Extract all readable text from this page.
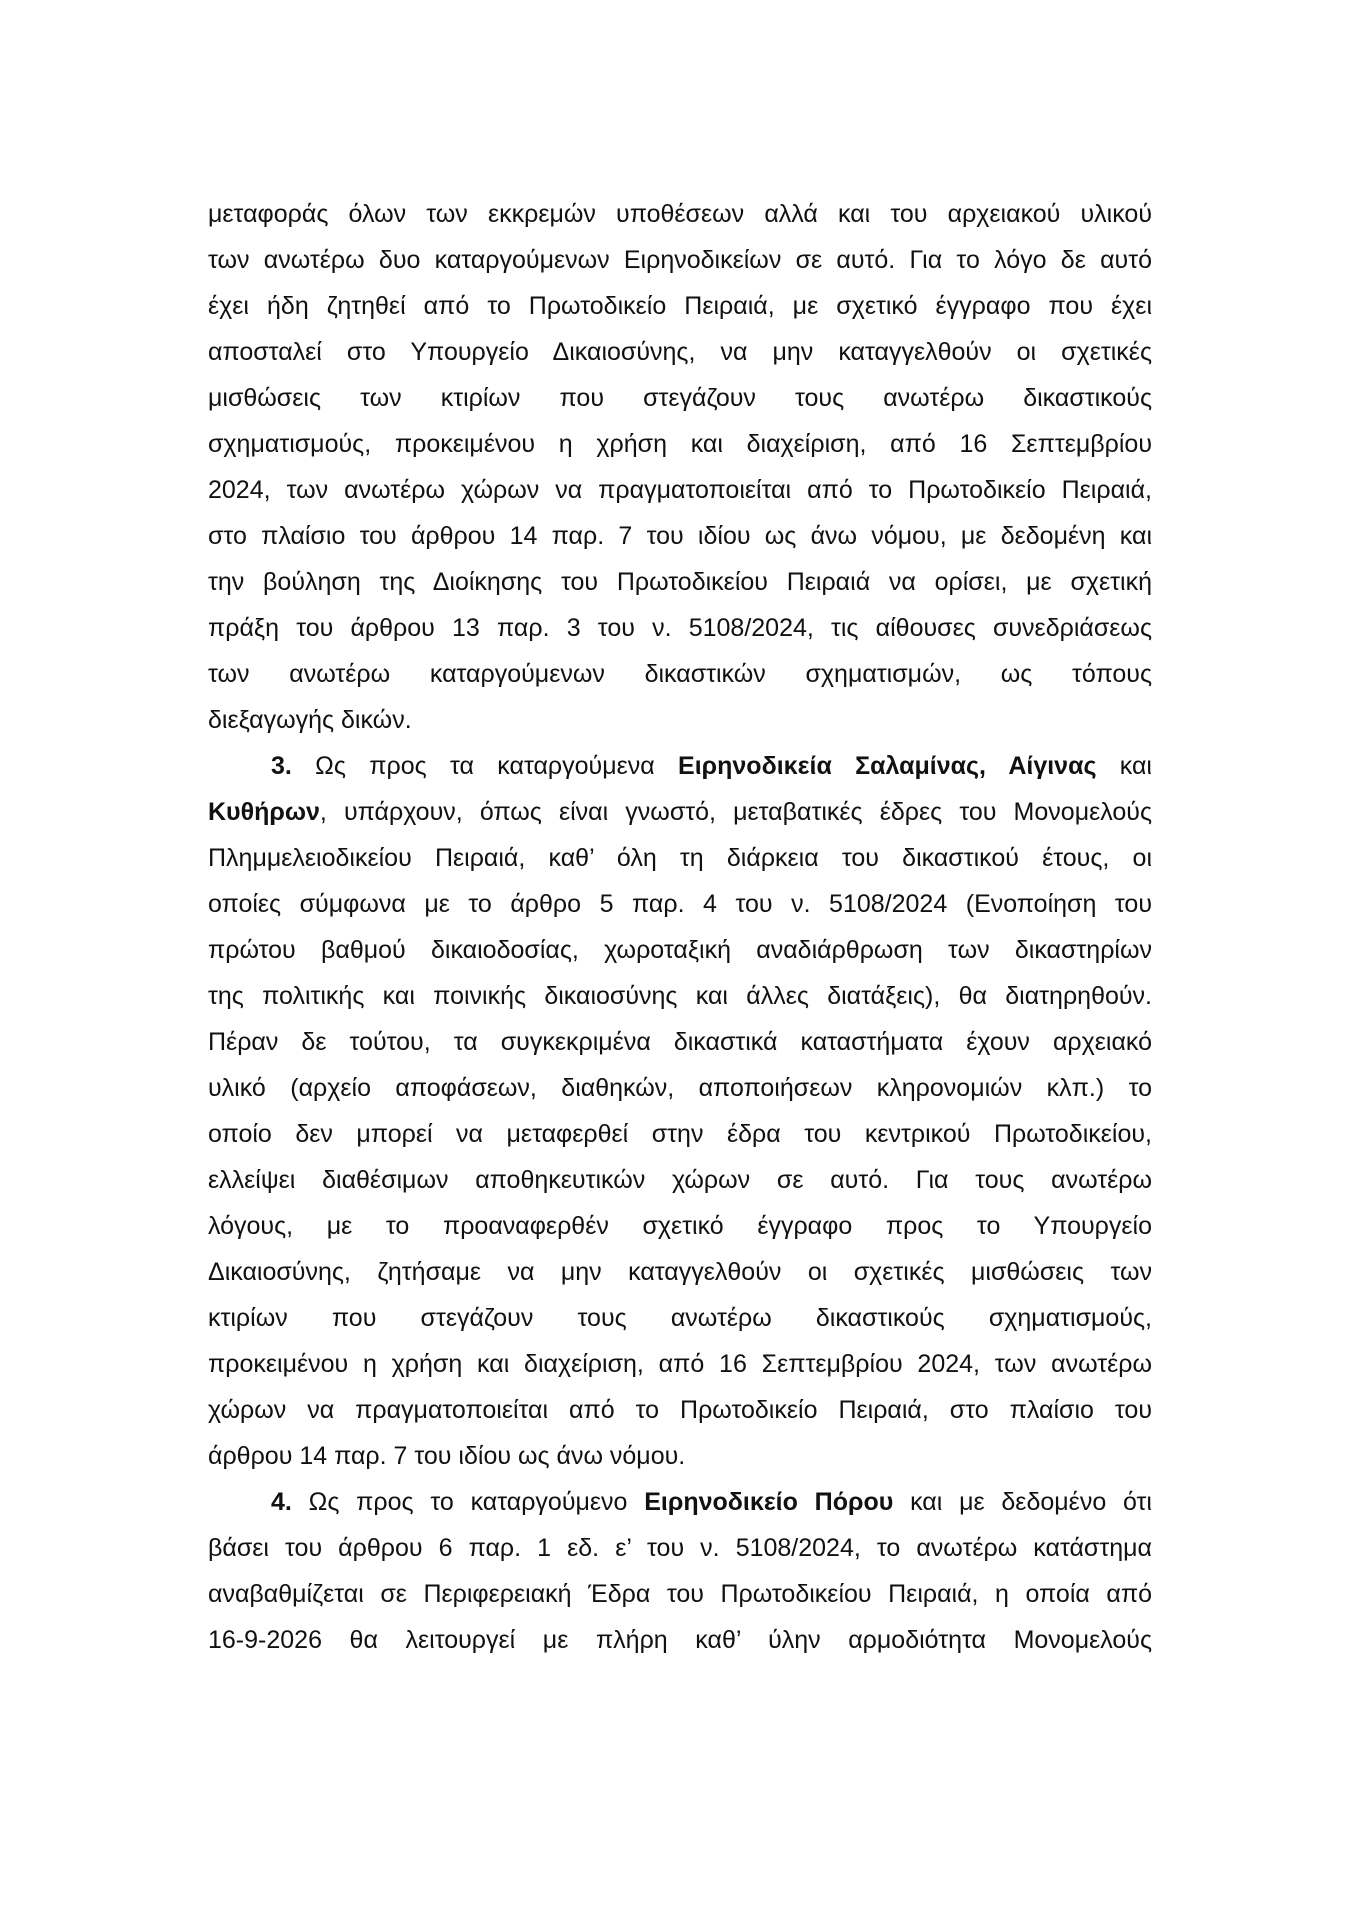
μεταφοράς όλων των εκκρεμών υποθέσεων αλλά και του αρχειακού υλικού
των ανωτέρω δυο καταργούμενων Ειρηνοδικείων σε αυτό. Για το λόγο δε αυτό
έχει ήδη ζητηθεί από το Πρωτοδικείο Πειραιά, με σχετικό έγγραφο που έχει
αποσταλεί στο Υπουργείο Δικαιοσύνης, να μην καταγγελθούν οι σχετικές
μισθώσεις των κτιρίων που στεγάζουν τους ανωτέρω δικαστικούς
σχηματισμούς, προκειμένου η χρήση και διαχείριση, από 16 Σεπτεμβρίου
2024, των ανωτέρω χώρων να πραγματοποιείται από το Πρωτοδικείο Πειραιά,
στο πλαίσιο του άρθρου 14 παρ. 7 του ιδίου ως άνω νόμου, με δεδομένη και
την βούληση της Διοίκησης του Πρωτοδικείου Πειραιά να ορίσει, με σχετική
πράξη του άρθρου 13 παρ. 3 του ν. 5108/2024, τις αίθουσες συνεδριάσεως
των ανωτέρω καταργούμενων δικαστικών σχηματισμών, ως τόπους
διεξαγωγής δικών.
3. Ως προς τα καταργούμενα Ειρηνοδικεία Σαλαμίνας, Αίγινας και
Κυθήρων, υπάρχουν, όπως είναι γνωστό, μεταβατικές έδρες του Μονομελούς
Πλημμελειοδικείου Πειραιά, καθ’ όλη τη διάρκεια του δικαστικού έτους, οι
οποίες σύμφωνα με το άρθρο 5 παρ. 4 του ν. 5108/2024 (Ενοποίηση του
πρώτου βαθμού δικαιοδοσίας, χωροταξική αναδιάρθρωση των δικαστηρίων
της πολιτικής και ποινικής δικαιοσύνης και άλλες διατάξεις), θα διατηρηθούν.
Πέραν δε τούτου, τα συγκεκριμένα δικαστικά καταστήματα έχουν αρχειακό
υλικό (αρχείο αποφάσεων, διαθηκών, αποποιήσεων κληρονομιών κλπ.) το
οποίο δεν μπορεί να μεταφερθεί στην έδρα του κεντρικού Πρωτοδικείου,
ελλείψει διαθέσιμων αποθηκευτικών χώρων σε αυτό. Για τους ανωτέρω
λόγους, με το προαναφερθέν σχετικό έγγραφο προς το Υπουργείο
Δικαιοσύνης, ζητήσαμε να μην καταγγελθούν οι σχετικές μισθώσεις των
κτιρίων που στεγάζουν τους ανωτέρω δικαστικούς σχηματισμούς,
προκειμένου η χρήση και διαχείριση, από 16 Σεπτεμβρίου 2024, των ανωτέρω
χώρων να πραγματοποιείται από το Πρωτοδικείο Πειραιά, στο πλαίσιο του
άρθρου 14 παρ. 7 του ιδίου ως άνω νόμου.
4. Ως προς το καταργούμενο Ειρηνοδικείο Πόρου και με δεδομένο ότι
βάσει του άρθρου 6 παρ. 1 εδ. ε’ του ν. 5108/2024, το ανωτέρω κατάστημα
αναβαθμίζεται σε Περιφερειακή Έδρα του Πρωτοδικείου Πειραιά, η οποία από
16-9-2026 θα λειτουργεί με πλήρη καθ’ ύλην αρμοδιότητα Μονομελούς
